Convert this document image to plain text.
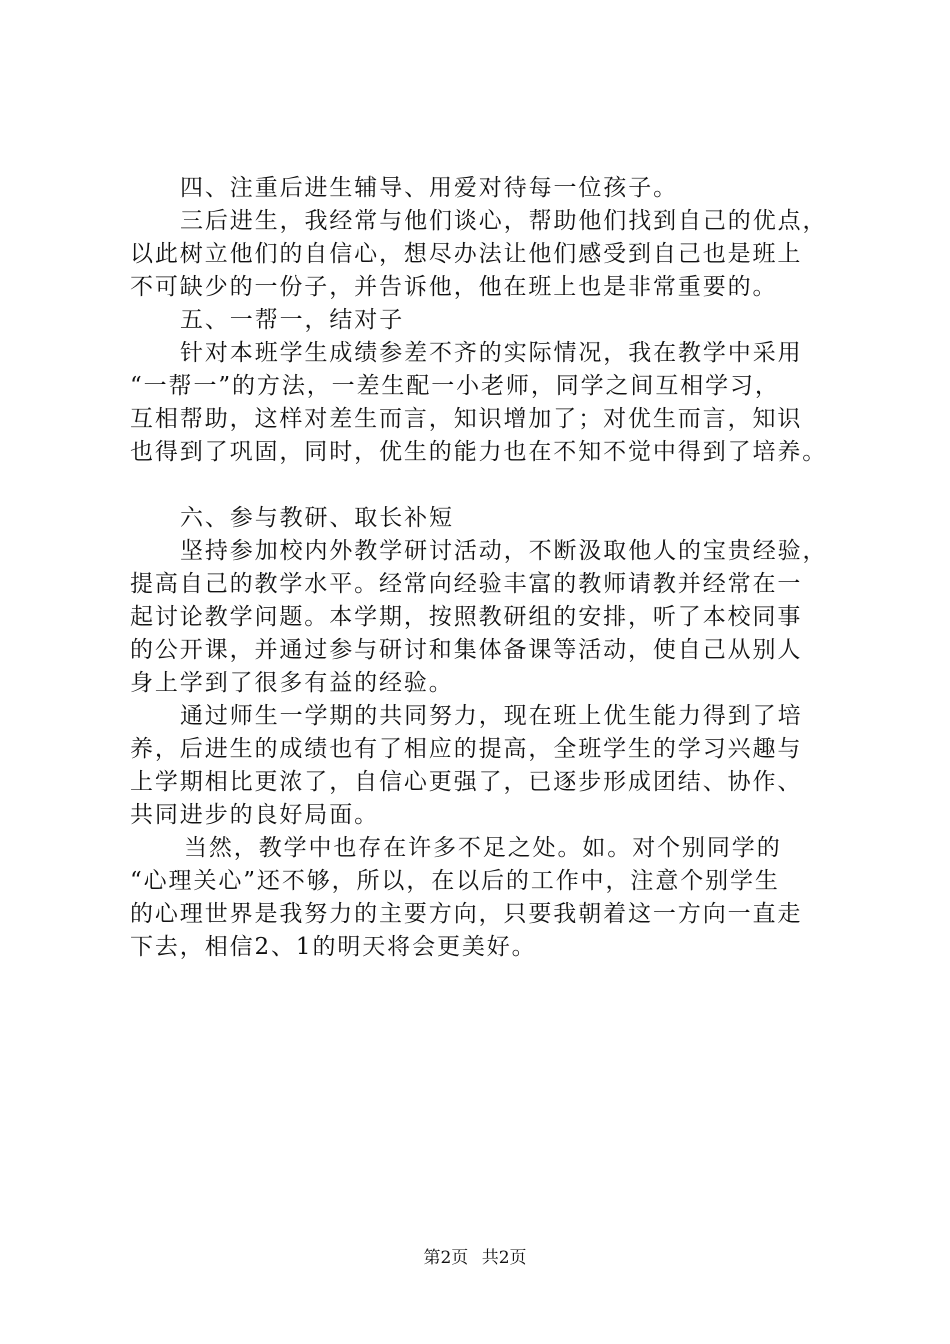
四、注重后进生辅导、用爱对待每一位孩子。
三后进生，我经常与他们谈心，帮助他们找到自己的优点，
以此树立他们的自信心，想尽办法让他们感受到自己也是班上
不可缺少的一份子，并告诉他，他在班上也是非常重要的。
五、一帮一，结对子
针对本班学生成绩参差不齐的实际情况，我在教学中采用
“一帮一”的方法，一差生配一小老师，同学之间互相学习，
互相帮助，这样对差生而言，知识增加了；对优生而言，知识
也得到了巩固，同时，优生的能力也在不知不觉中得到了培养。
六、参与教研、取长补短
坚持参加校内外教学研讨活动，不断汲取他人的宝贵经验，
提高自己的教学水平。经常向经验丰富的教师请教并经常在一
起讨论教学问题。本学期，按照教研组的安排，听了本校同事
的公开课，并通过参与研讨和集体备课等活动，使自己从别人
身上学到了很多有益的经验。
通过师生一学期的共同努力，现在班上优生能力得到了培
养，后进生的成绩也有了相应的提高，全班学生的学习兴趣与
上学期相比更浓了，自信心更强了，已逐步形成团结、协作、
共同进步的良好局面。
当然，教学中也存在许多不足之处。如。对个别同学的
“心理关心”还不够，所以，在以后的工作中，注意个别学生
的心理世界是我努力的主要方向，只要我朝着这一方向一直走
下去，相信2、1的明天将会更美好。
第2页 共2页
